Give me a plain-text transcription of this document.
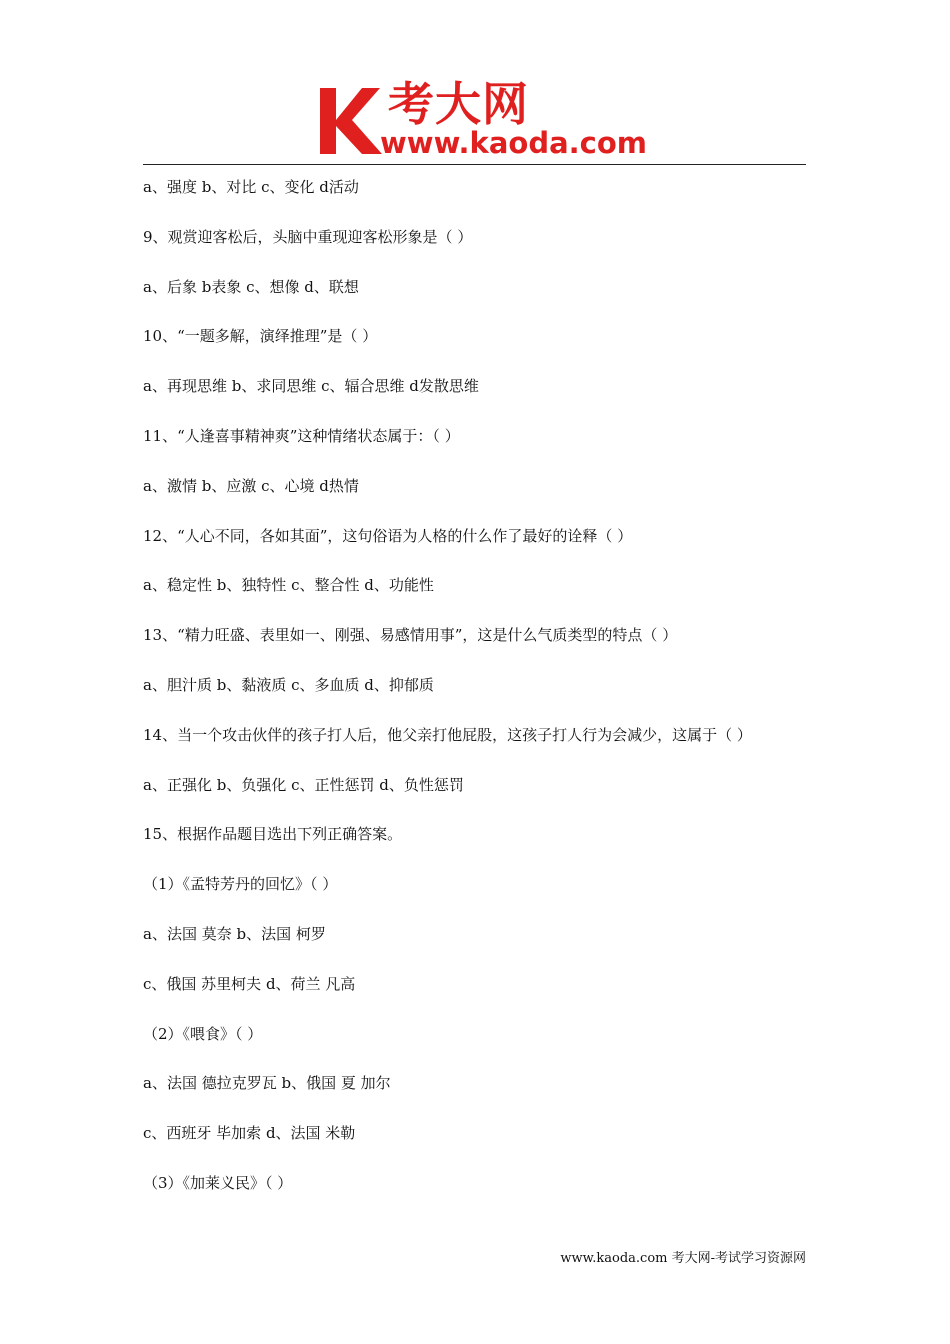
考大网
www.kaoda.com
a、强度 b、对比 c、变化 d活动
9、观赏迎客松后，头脑中重现迎客松形象是（ ）
a、后象 b表象 c、想像 d、联想
10、“一题多解，演绎推理”是（ ）
a、再现思维 b、求同思维 c、辐合思维 d发散思维
11、“人逢喜事精神爽”这种情绪状态属于：（ ）
a、激情 b、应激 c、心境 d热情
12、“人心不同，各如其面”，这句俗语为人格的什么作了最好的诠释（ ）
a、稳定性 b、独特性 c、整合性 d、功能性
13、“精力旺盛、表里如一、刚强、易感情用事”，这是什么气质类型的特点（ ）
a、胆汁质 b、黏液质 c、多血质 d、抑郁质
14、当一个攻击伙伴的孩子打人后，他父亲打他屁股，这孩子打人行为会减少，这属于（ ）
a、正强化 b、负强化 c、正性惩罚 d、负性惩罚
15、根据作品题目选出下列正确答案。
（1）《孟特芳丹的回忆》（ ）
a、法国 莫奈 b、法国 柯罗
c、俄国 苏里柯夫 d、荷兰 凡高
（2）《喂食》（ ）
a、法国 德拉克罗瓦 b、俄国 夏 加尔
c、西班牙 毕加索 d、法国 米勒
（3）《加莱义民》（ ）
www.kaoda.com 考大网-考试学习资源网
